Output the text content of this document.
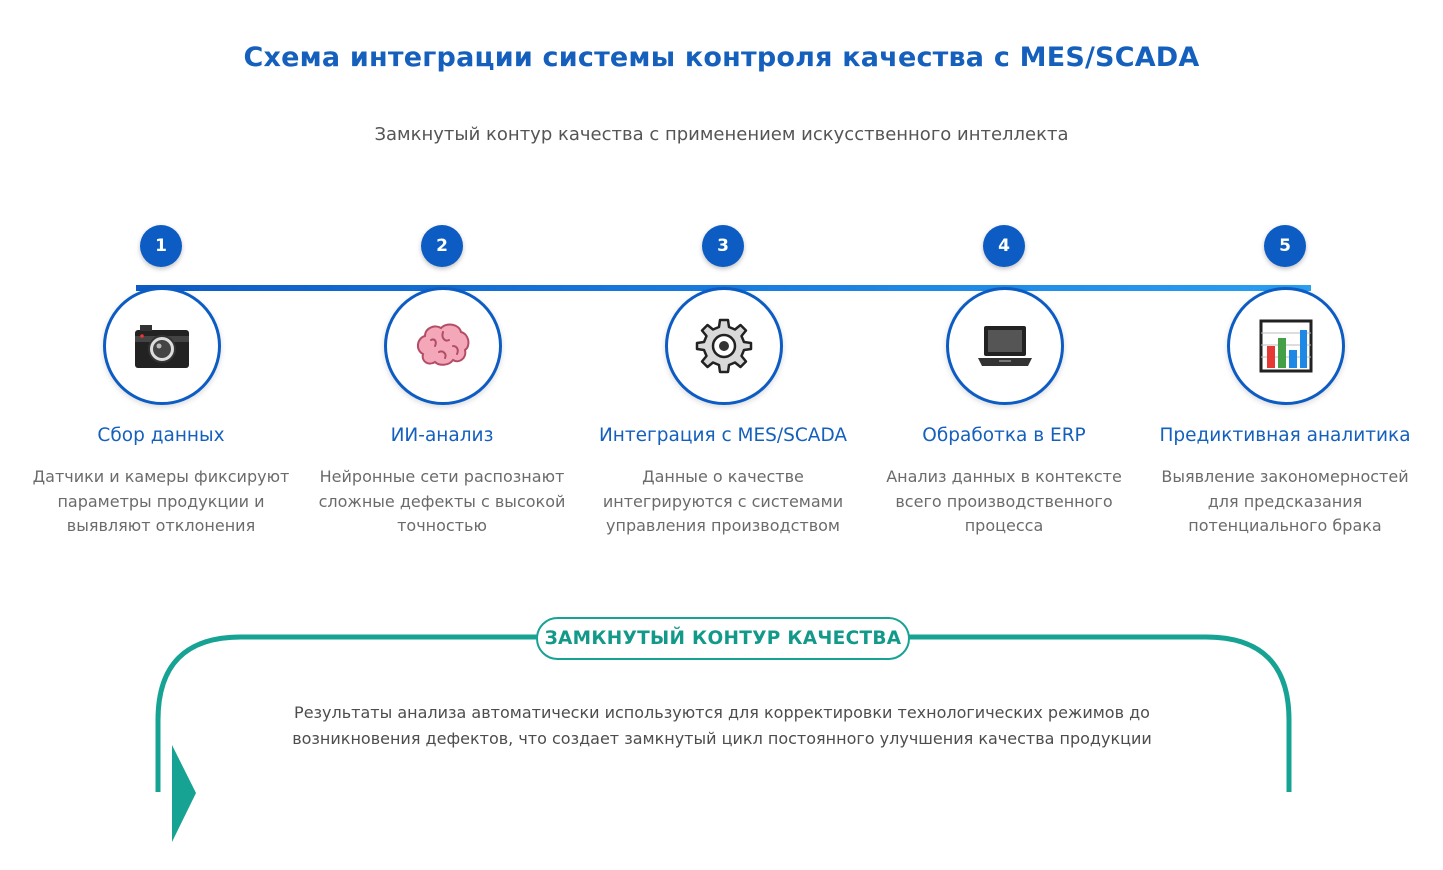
Схема интеграции системы контроля качества с MES/SCADA
Замкнутый контур качества с применением искусственного интеллекта
1
Сбор данных
Датчики и камеры фиксируют параметры продукции и выявляют отклонения
2
ИИ-анализ
Нейронные сети распознают сложные дефекты с высокой точностью
3
Интеграция с MES/SCADA
Данные о качестве интегрируются с системами управления производством
4
Обработка в ERP
Анализ данных в контексте всего производственного процесса
5
Предиктивная аналитика
Выявление закономерностей для предсказания потенциального брака
ЗАМКНУТЫЙ КОНТУР КАЧЕСТВА
Результаты анализа автоматически используются для корректировки технологических режимов до возникновения дефектов, что создает замкнутый цикл постоянного улучшения качества продукции
